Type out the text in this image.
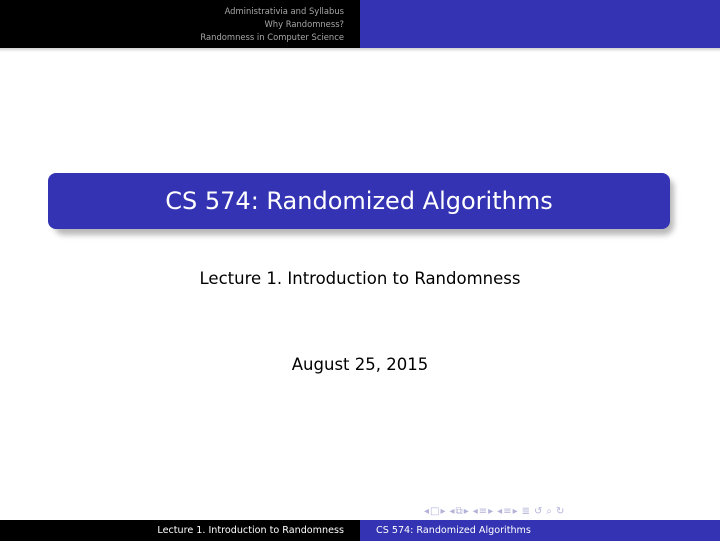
Administrativia and Syllabus
Why Randomness?
Randomness in Computer Science
CS 574: Randomized Algorithms
Lecture 1. Introduction to Randomness
August 25, 2015
◂ □ ▸ ◂ ⧉ ▸ ◂ ≡ ▸ ◂ ≡ ▸ ≣ ↺ ⌕ ↻
Lecture 1. Introduction to Randomness	CS 574: Randomized Algorithms
